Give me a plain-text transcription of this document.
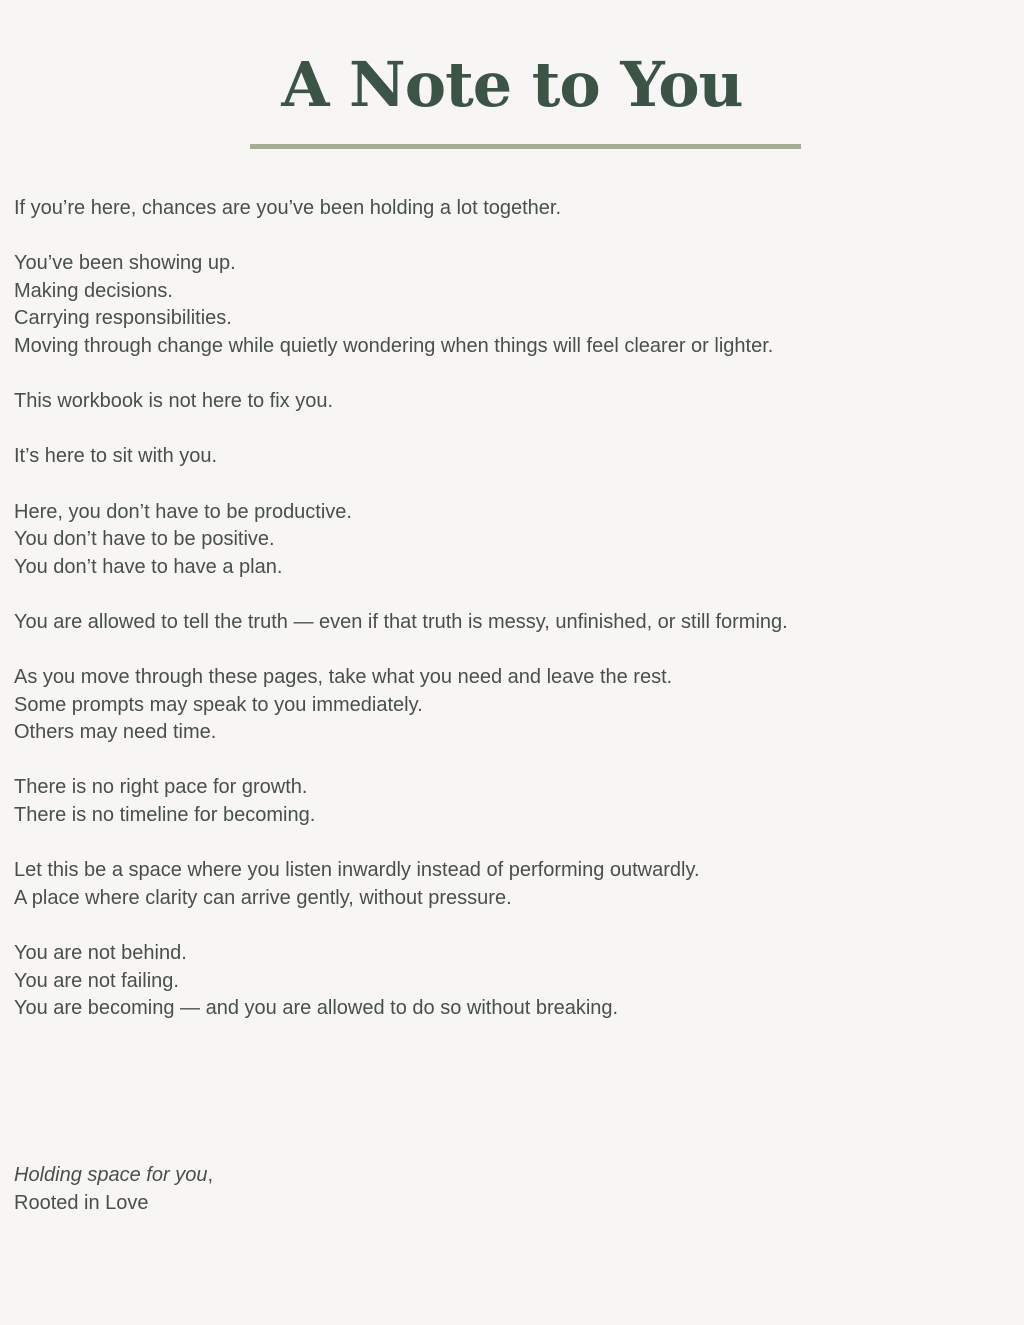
A Note to You

If you’re here, chances are you’ve been holding a lot together.

You’ve been showing up.
Making decisions.
Carrying responsibilities.
Moving through change while quietly wondering when things will feel clearer or lighter.

This workbook is not here to fix you.

It’s here to sit with you.

Here, you don’t have to be productive.
You don’t have to be positive.
You don’t have to have a plan.

You are allowed to tell the truth — even if that truth is messy, unfinished, or still forming.

As you move through these pages, take what you need and leave the rest.
Some prompts may speak to you immediately.
Others may need time.

There is no right pace for growth.
There is no timeline for becoming.

Let this be a space where you listen inwardly instead of performing outwardly.
A place where clarity can arrive gently, without pressure.

You are not behind.
You are not failing.
You are becoming — and you are allowed to do so without breaking.

Holding space for you,
Rooted in Love
